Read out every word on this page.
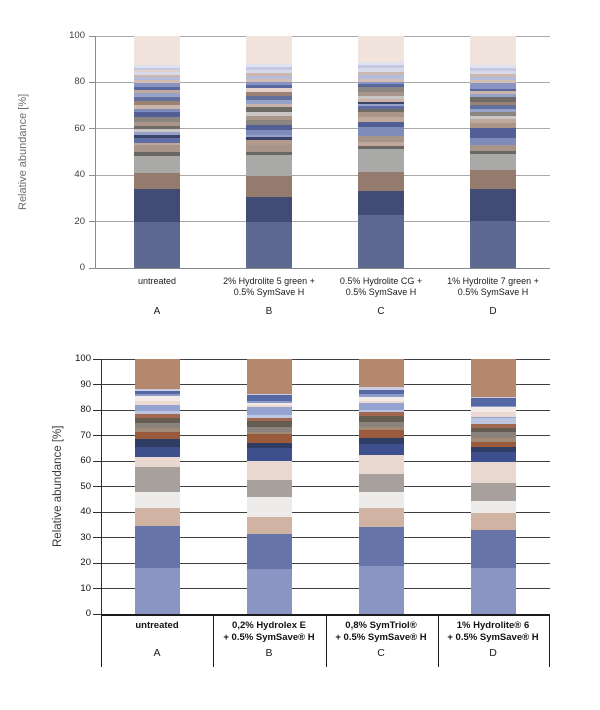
Relative abundance [%]
0
20
40
60
80
100
untreated
A
2% Hydrolite 5 green +
0.5% SymSave H
B
0.5% Hydrolite CG +
0.5% SymSave H
C
1% Hydrolite 7 green +
0.5% SymSave H
D
Relative abundance [%]
0
10
20
30
40
50
60
70
80
90
100
untreated
A
0,2% Hydrolex E
+ 0.5% SymSave® H
B
0,8% SymTriol®
+ 0.5% SymSave® H
C
1% Hydrolite® 6
+ 0.5% SymSave® H
D
